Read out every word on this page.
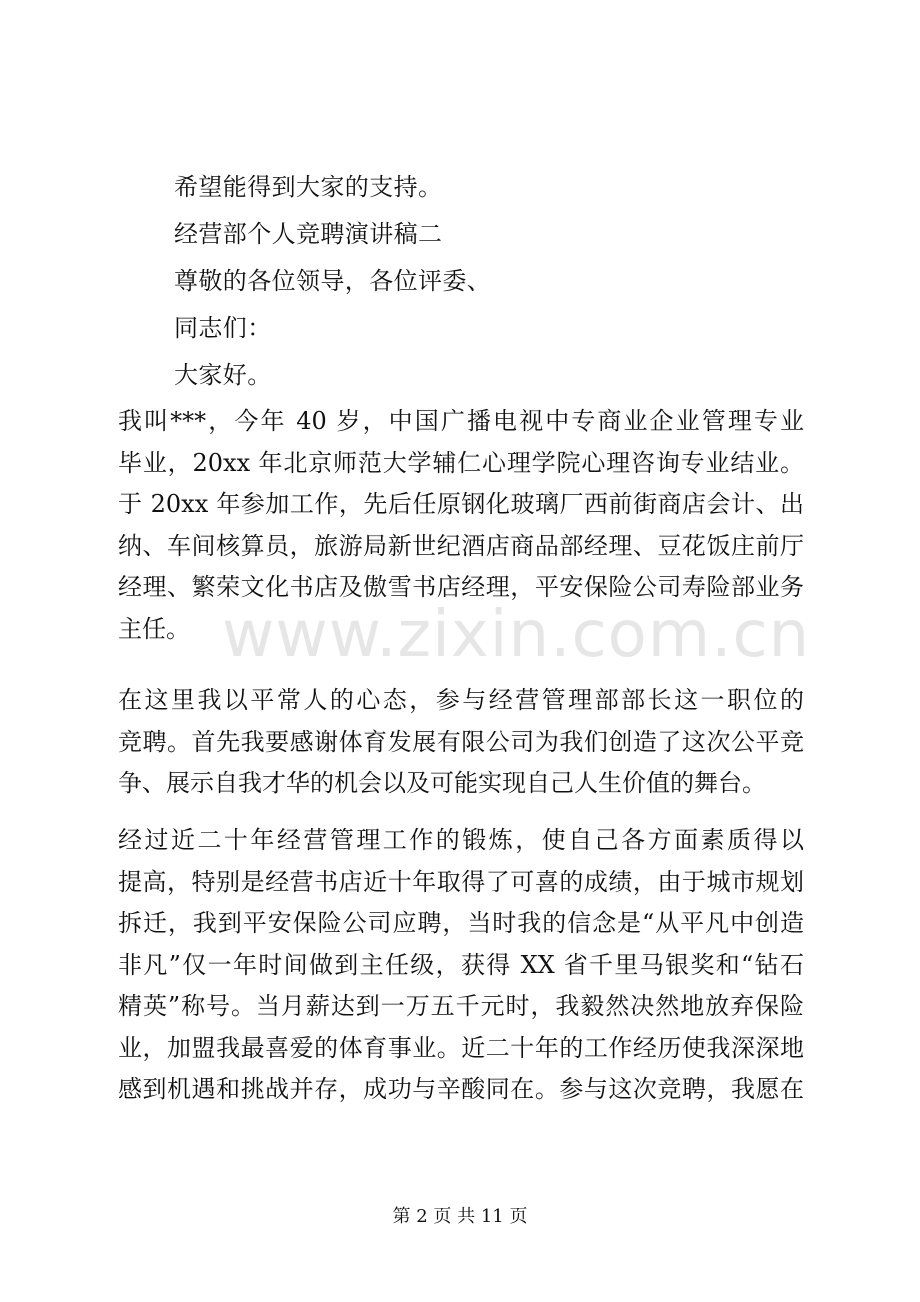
希望能得到大家的支持。
经营部个人竞聘演讲稿二
尊敬的各位领导，各位评委、
同志们：
大家好。
我叫***，今年 40 岁，中国广播电视中专商业企业管理专业
毕业，20xx 年北京师范大学辅仁心理学院心理咨询专业结业。
于 20xx 年参加工作，先后任原钢化玻璃厂西前街商店会计、出
纳、车间核算员，旅游局新世纪酒店商品部经理、豆花饭庄前厅
经理、繁荣文化书店及傲雪书店经理，平安保险公司寿险部业务
主任。
在这里我以平常人的心态，参与经营管理部部长这一职位的
竞聘。首先我要感谢体育发展有限公司为我们创造了这次公平竞
争、展示自我才华的机会以及可能实现自己人生价值的舞台。
经过近二十年经营管理工作的锻炼，使自己各方面素质得以
提高，特别是经营书店近十年取得了可喜的成绩，由于城市规划
拆迁，我到平安保险公司应聘，当时我的信念是“从平凡中创造
非凡”仅一年时间做到主任级，获得 XX 省千里马银奖和“钻石
精英”称号。当月薪达到一万五千元时，我毅然决然地放弃保险
业，加盟我最喜爱的体育事业。近二十年的工作经历使我深深地
感到机遇和挑战并存，成功与辛酸同在。参与这次竞聘，我愿在
www.zixin.com.cn
第 2 页 共 11 页
